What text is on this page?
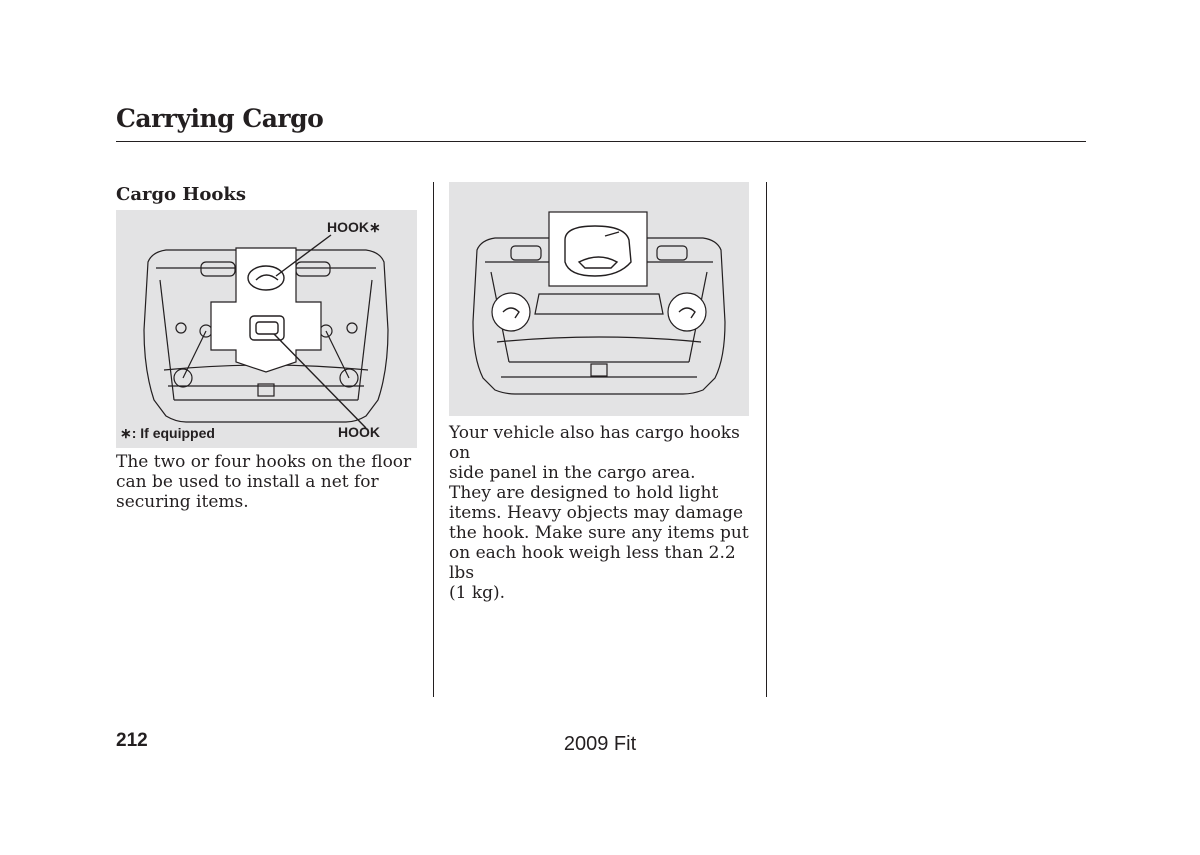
Carrying Cargo
Cargo Hooks

HOOK∗

HOOK

∗: If equipped

The two or four hooks on the floor
can be used to install a net for
securing items.
Your vehicle also has cargo hooks on
side panel in the cargo area.
They are designed to hold light
items. Heavy objects may damage
the hook. Make sure any items put
on each hook weigh less than 2.2 lbs
(1 kg).

212	2009 Fit
